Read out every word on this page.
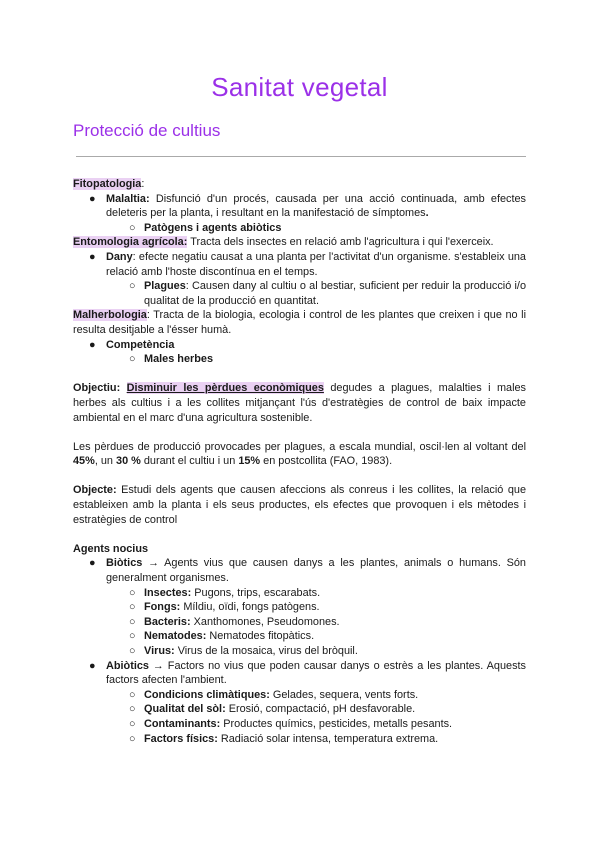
Sanitat vegetal
Protecció de cultius

Fitopatologia:

● Malaltia: Disfunció d'un procés, causada per una acció continuada, amb efectes deleteris per la planta, i resultant en la manifestació de símptomes.
○ Patògens i agents abiòtics

Entomologia agrícola: Tracta dels insectes en relació amb l'agricultura i qui l'exerceix.

● Dany: efecte negatiu causat a una planta per l'activitat d'un organisme. s'estableix una relació amb l'hoste discontínua en el temps.
○ Plagues: Causen dany al cultiu o al bestiar, suficient per reduir la producció i/o qualitat de la producció en quantitat.

Malherbologia: Tracta de la biologia, ecologia i control de les plantes que creixen i que no li resulta desitjable a l'ésser humà.

● Competència
○ Males herbes

Objectiu: Disminuir les pèrdues econòmiques degudes a plagues, malalties i males herbes als cultius i a les collites mitjançant l'ús d'estratègies de control de baix impacte ambiental en el marc d'una agricultura sostenible.

Les pèrdues de producció provocades per plagues, a escala mundial, oscil·len al voltant del 45%, un 30 % durant el cultiu i un 15% en postcollita (FAO, 1983).

Objecte: Estudi dels agents que causen afeccions als conreus i les collites, la relació que estableixen amb la planta i els seus productes, els efectes que provoquen i els mètodes i estratègies de control

Agents nocius

● Biòtics → Agents vius que causen danys a les plantes, animals o humans. Són generalment organismes.
○ Insectes: Pugons, trips, escarabats.
○ Fongs: Míldiu, oïdi, fongs patògens.
○ Bacteris: Xanthomones, Pseudomones.
○ Nematodes: Nematodes fitopàtics.
○ Virus: Virus de la mosaica, virus del bròquil.
● Abiòtics → Factors no vius que poden causar danys o estrès a les plantes. Aquests factors afecten l'ambient.
○ Condicions climàtiques: Gelades, sequera, vents forts.
○ Qualitat del sòl: Erosió, compactació, pH desfavorable.
○ Contaminants: Productes químics, pesticides, metalls pesants.
○ Factors físics: Radiació solar intensa, temperatura extrema.
